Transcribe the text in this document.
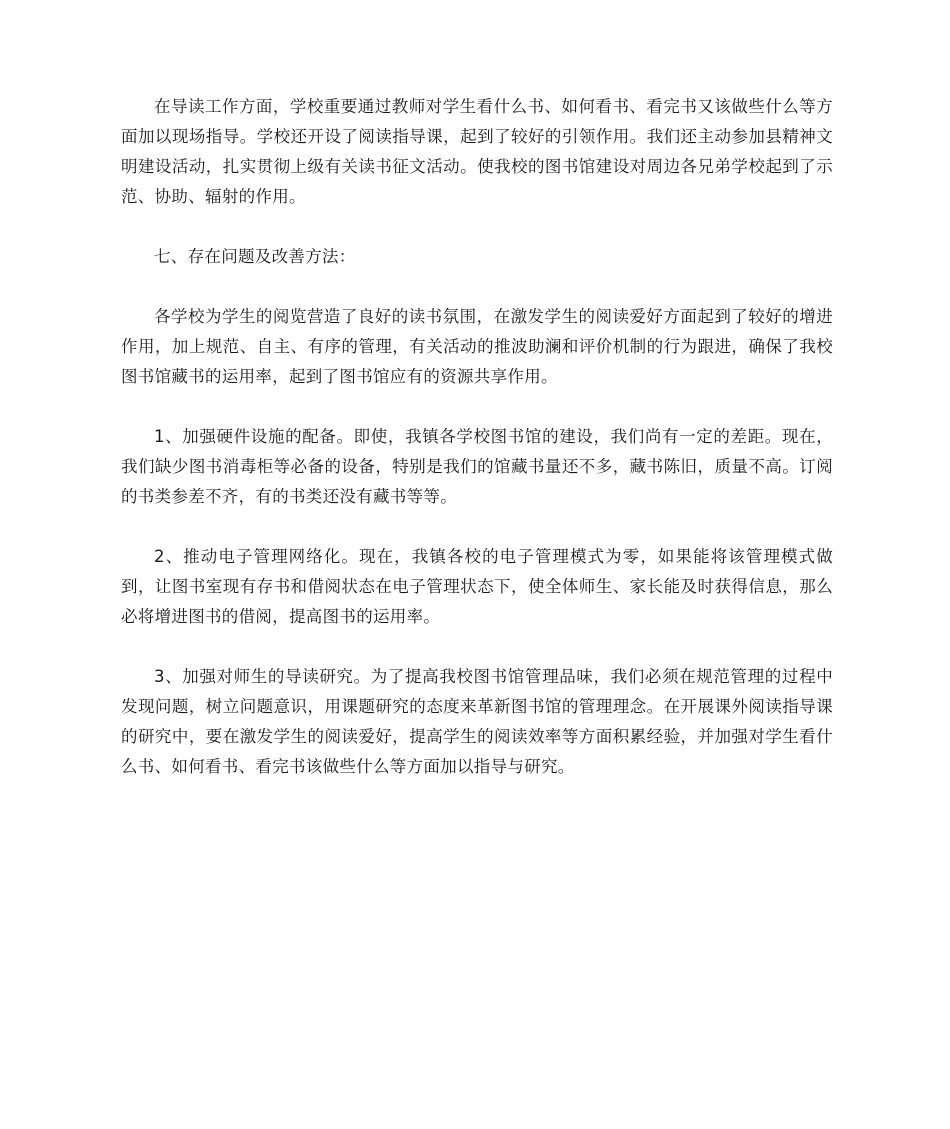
在导读工作方面，学校重要通过教师对学生看什么书、如何看书、看完书又该做些什么等方面加以现场指导。学校还开设了阅读指导课，起到了较好的引领作用。我们还主动参加县精神文明建设活动，扎实贯彻上级有关读书征文活动。使我校的图书馆建设对周边各兄弟学校起到了示范、协助、辐射的作用。

七、存在问题及改善方法：

各学校为学生的阅览营造了良好的读书氛围，在激发学生的阅读爱好方面起到了较好的增进作用，加上规范、自主、有序的管理，有关活动的推波助澜和评价机制的行为跟进，确保了我校图书馆藏书的运用率，起到了图书馆应有的资源共享作用。

1、加强硬件设施的配备。即使，我镇各学校图书馆的建设，我们尚有一定的差距。现在，我们缺少图书消毒柜等必备的设备，特别是我们的馆藏书量还不多，藏书陈旧，质量不高。订阅的书类参差不齐，有的书类还没有藏书等等。

2、推动电子管理网络化。现在，我镇各校的电子管理模式为零，如果能将该管理模式做到，让图书室现有存书和借阅状态在电子管理状态下，使全体师生、家长能及时获得信息，那么必将增进图书的借阅，提高图书的运用率。

3、加强对师生的导读研究。为了提高我校图书馆管理品味，我们必须在规范管理的过程中发现问题，树立问题意识，用课题研究的态度来革新图书馆的管理理念。在开展课外阅读指导课的研究中，要在激发学生的阅读爱好，提高学生的阅读效率等方面积累经验，并加强对学生看什么书、如何看书、看完书该做些什么等方面加以指导与研究。
